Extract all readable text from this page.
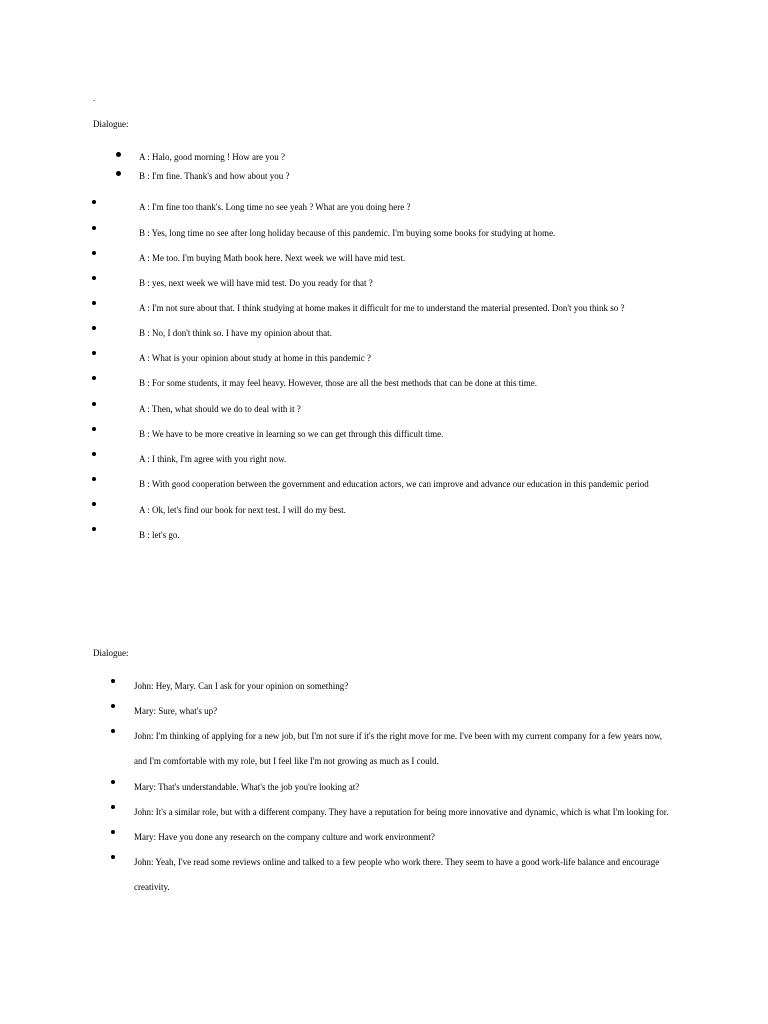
.
Dialogue:
A : Halo, good morning ! How are you ?
B : I'm fine. Thank's and how about you ?
A : I'm fine too thank's. Long time no see yeah ? What are you doing here ?
B : Yes, long time no see after long holiday because of this pandemic. I'm buying some books for studying at home.
A : Me too. I'm buying Math book here. Next week we will have mid test.
B : yes, next week we will have mid test. Do you ready for that ?
A : I'm not sure about that. I think studying at home makes it difficult for me to understand the material presented. Don't you think so ?
B : No, I don't think so. I have my opinion about that.
A : What is your opinion about study at home in this pandemic ?
B : For some students, it may feel heavy. However, those are all the best methods that can be done at this time.
A : Then, what should we do to deal with it ?
B : We have to be more creative in learning so we can get through this difficult time.
A : I think, I'm agree with you right now.
B : With good cooperation between the government and education actors, we can improve and advance our education in this pandemic period
A : Ok, let's find our book for next test. I will do my best.
B : let's go.
Dialogue:
John: Hey, Mary. Can I ask for your opinion on something?
Mary: Sure, what's up?
John: I'm thinking of applying for a new job, but I'm not sure if it's the right move for me. I've been with my current company for a few years now,
and I'm comfortable with my role, but I feel like I'm not growing as much as I could.
Mary: That's understandable. What's the job you're looking at?
John: It's a similar role, but with a different company. They have a reputation for being more innovative and dynamic, which is what I'm looking for.
Mary: Have you done any research on the company culture and work environment?
John: Yeah, I've read some reviews online and talked to a few people who work there. They seem to have a good work-life balance and encourage
creativity.
